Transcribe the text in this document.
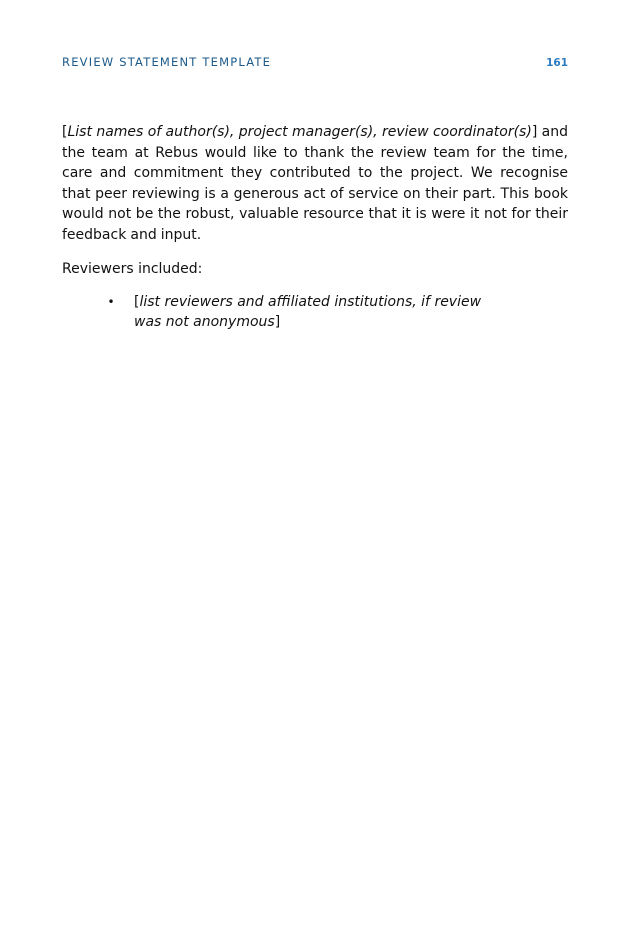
REVIEW STATEMENT TEMPLATE	161

[List names of author(s), project manager(s), review coordinator(s)] and the team at Rebus would like to thank the review team for the time, care and commitment they contributed to the project. We recognise that peer reviewing is a generous act of service on their part. This book would not be the robust, valuable resource that it is were it not for their feedback and input.

Reviewers included:

• [list reviewers and affiliated institutions, if review was not anonymous]
